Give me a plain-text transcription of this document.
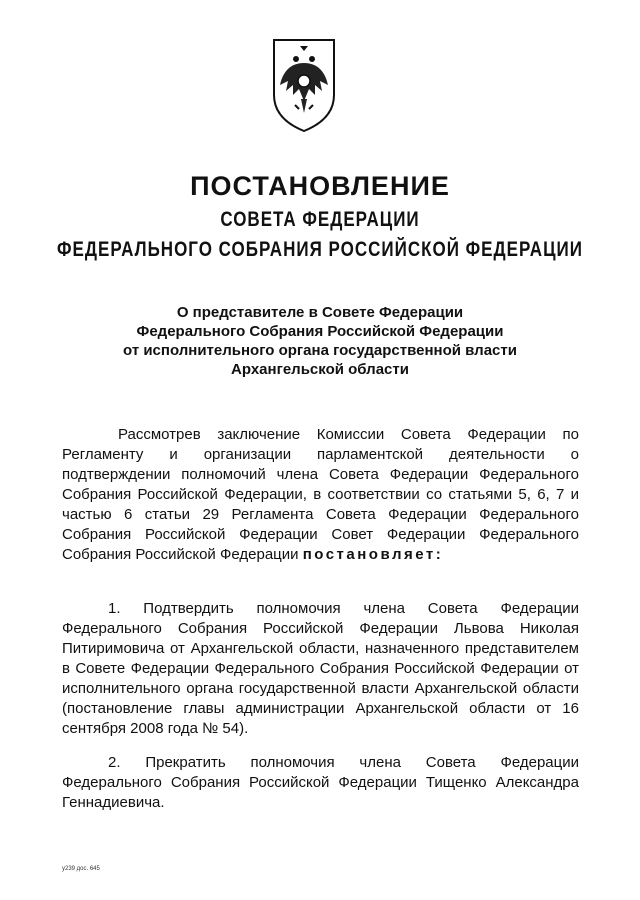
ПОСТАНОВЛЕНИЕ
СОВЕТА ФЕДЕРАЦИИ
ФЕДЕРАЛЬНОГО СОБРАНИЯ РОССИЙСКОЙ ФЕДЕРАЦИИ
О представителе в Совете Федерации
Федерального Собрания Российской Федерации
от исполнительного органа государственной власти
Архангельской области
Рассмотрев заключение Комиссии Совета Федерации по Регламенту и организации парламентской деятельности о подтверждении полномочий члена Совета Федерации Федерального Собрания Российской Федерации, в соответствии со статьями 5, 6, 7 и частью 6 статьи 29 Регламента Совета Федерации Федерального Собрания Российской Федерации Совет Федерации Федерального Собрания Российской Федерации постановляет:
1. Подтвердить полномочия члена Совета Федерации Федерального Собрания Российской Федерации Львова Николая Питиримовича от Архангельской области, назначенного представителем в Совете Федерации Федерального Собрания Российской Федерации от исполнительного органа государственной власти Архангельской области (постановление главы администрации Архангельской области от 16 сентября 2008 года № 54).
2. Прекратить полномочия члена Совета Федерации Федерального Собрания Российской Федерации Тищенко Александра Геннадиевича.
у239 дос. 645
